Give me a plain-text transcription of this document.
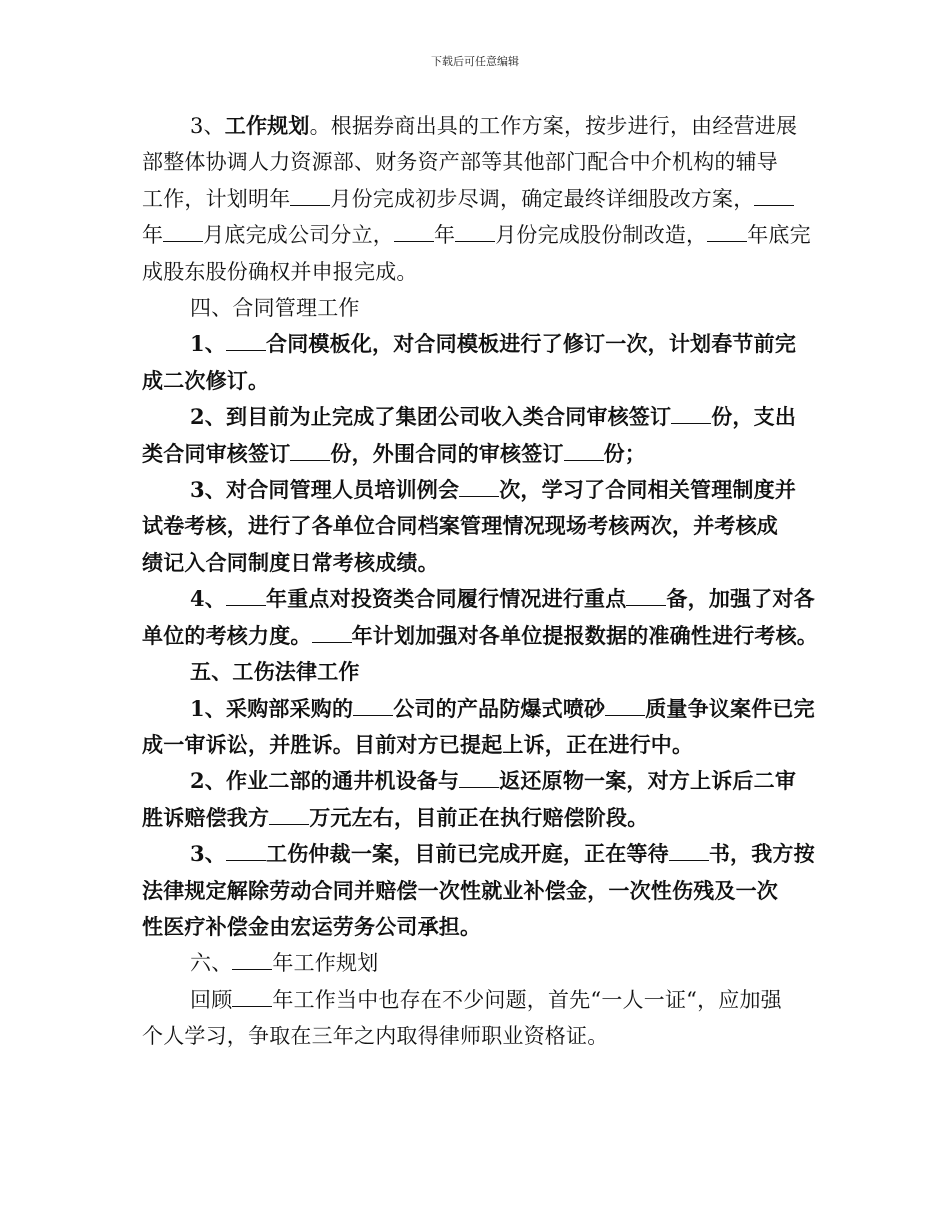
下载后可任意编辑
3、工作规划。根据券商出具的工作方案，按步进行，由经营进展
部整体协调人力资源部、财务资产部等其他部门配合中介机构的辅导
工作，计划明年 月份完成初步尽调，确定最终详细股改方案，
年 月底完成公司分立， 年 月份完成股份制改造， 年底完
成股东股份确权并申报完成。
四、合同管理工作
1、 合同模板化，对合同模板进行了修订一次，计划春节前完
成二次修订。
2、到目前为止完成了集团公司收入类合同审核签订 份，支出
类合同审核签订 份，外围合同的审核签订 份；
3、对合同管理人员培训例会 次，学习了合同相关管理制度并
试卷考核，进行了各单位合同档案管理情况现场考核两次，并考核成
绩记入合同制度日常考核成绩。
4、 年重点对投资类合同履行情况进行重点 备，加强了对各
单位的考核力度。 年计划加强对各单位提报数据的准确性进行考核。
五、工伤法律工作
1、采购部采购的 公司的产品防爆式喷砂 质量争议案件已完
成一审诉讼，并胜诉。目前对方已提起上诉，正在进行中。
2、作业二部的通井机设备与 返还原物一案，对方上诉后二审
胜诉赔偿我方 万元左右，目前正在执行赔偿阶段。
3、 工伤仲裁一案，目前已完成开庭，正在等待 书，我方按
法律规定解除劳动合同并赔偿一次性就业补偿金，一次性伤残及一次
性医疗补偿金由宏运劳务公司承担。
六、 年工作规划
回顾 年工作当中也存在不少问题，首先“一人一证“，应加强
个人学习，争取在三年之内取得律师职业资格证。
